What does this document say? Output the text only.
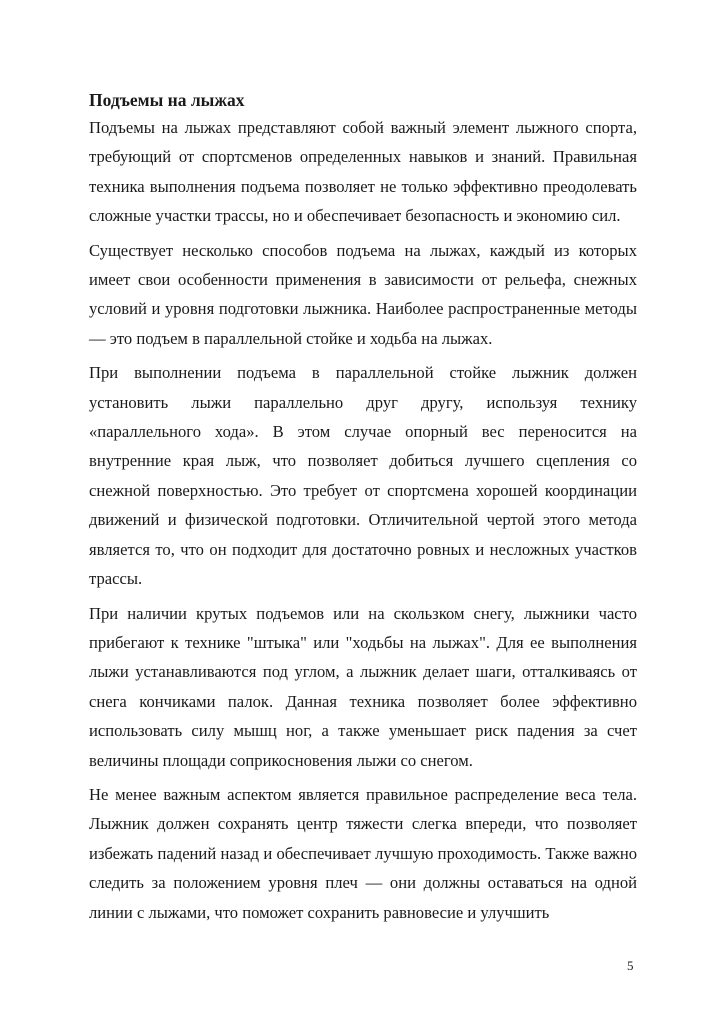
Подъемы на лыжах

Подъемы на лыжах представляют собой важный элемент лыжного спорта, требующий от спортсменов определенных навыков и знаний. Правильная техника выполнения подъема позволяет не только эффективно преодолевать сложные участки трассы, но и обеспечивает безопасность и экономию сил.

Существует несколько способов подъема на лыжах, каждый из которых имеет свои особенности применения в зависимости от рельефа, снежных условий и уровня подготовки лыжника. Наиболее распространенные методы — это подъем в параллельной стойке и ходьба на лыжах.

При выполнении подъема в параллельной стойке лыжник должен установить лыжи параллельно друг другу, используя технику «параллельного хода». В этом случае опорный вес переносится на внутренние края лыж, что позволяет добиться лучшего сцепления со снежной поверхностью. Это требует от спортсмена хорошей координации движений и физической подготовки. Отличительной чертой этого метода является то, что он подходит для достаточно ровных и несложных участков трассы.

При наличии крутых подъемов или на скользком снегу, лыжники часто прибегают к технике "штыка" или "ходьбы на лыжах". Для ее выполнения лыжи устанавливаются под углом, а лыжник делает шаги, отталкиваясь от снега кончиками палок. Данная техника позволяет более эффективно использовать силу мышц ног, а также уменьшает риск падения за счет величины площади соприкосновения лыжи со снегом.

Не менее важным аспектом является правильное распределение веса тела. Лыжник должен сохранять центр тяжести слегка впереди, что позволяет избежать падений назад и обеспечивает лучшую проходимость. Также важно следить за положением уровня плеч — они должны оставаться на одной линии с лыжами, что поможет сохранить равновесие и улучшить

5
